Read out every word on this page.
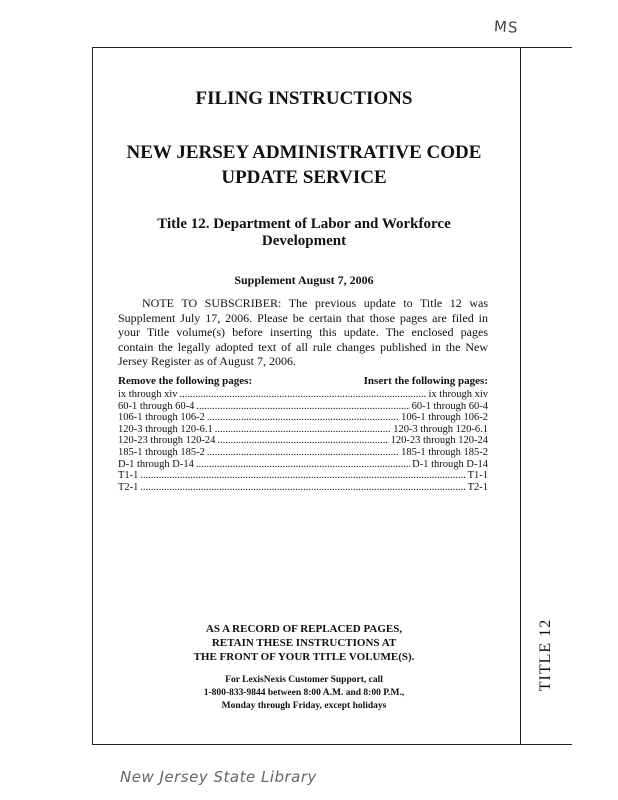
MS
TITLE 12
FILING INSTRUCTIONS
NEW JERSEY ADMINISTRATIVE CODE
UPDATE SERVICE
Title 12. Department of Labor and Workforce Development
Supplement August 7, 2006
NOTE TO SUBSCRIBER: The previous update to Title 12 was Supplement July 17, 2006. Please be certain that those pages are filed in your Title volume(s) before inserting this update. The enclosed pages contain the legally adopted text of all rule changes published in the New Jersey Register as of August 7, 2006.
Remove the following pages:	Insert the following pages:
ix through xiv .....	ix through xiv
60-1 through 60-4 .....	60-1 through 60-4
106-1 through 106-2 .....	106-1 through 106-2
120-3 through 120-6.1 .....	120-3 through 120-6.1
120-23 through 120-24 .....	120-23 through 120-24
185-1 through 185-2 .....	185-1 through 185-2
D-1 through D-14 .....	D-1 through D-14
T1-1 .....	T1-1
T2-1 .....	T2-1
AS A RECORD OF REPLACED PAGES,
RETAIN THESE INSTRUCTIONS AT
THE FRONT OF YOUR TITLE VOLUME(S).
For LexisNexis Customer Support, call
1-800-833-9844 between 8:00 A.M. and 8:00 P.M.,
Monday through Friday, except holidays
New Jersey State Library
